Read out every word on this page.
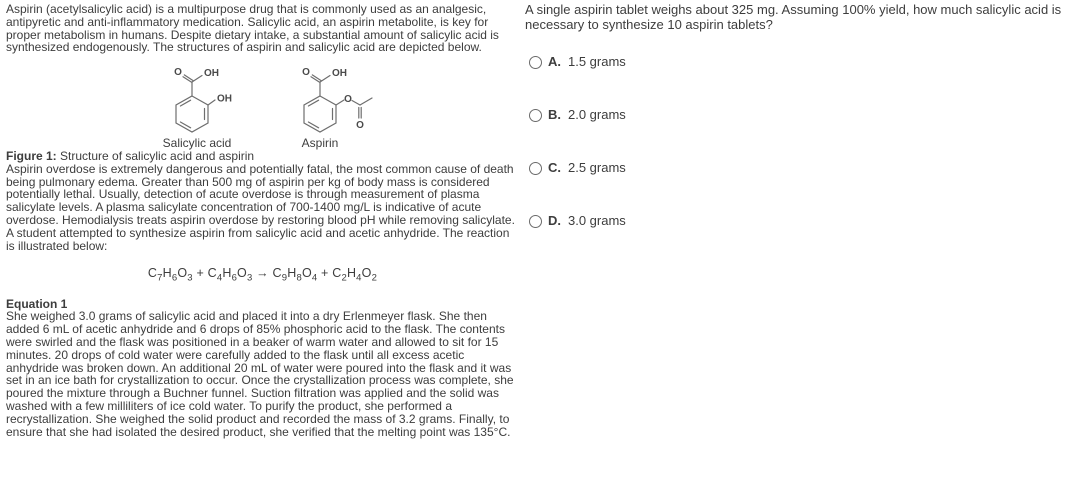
Aspirin (acetylsalicylic acid) is a multipurpose drug that is commonly used as an analgesic, antipyretic and anti-inflammatory medication. Salicylic acid, an aspirin metabolite, is key for proper metabolism in humans. Despite dietary intake, a substantial amount of salicylic acid is synthesized endogenously. The structures of aspirin and salicylic acid are depicted below.

O OH
OH
Salicylic acid
O OH
O
O
Aspirin

Figure 1: Structure of salicylic acid and aspirin

Aspirin overdose is extremely dangerous and potentially fatal, the most common cause of death being pulmonary edema. Greater than 500 mg of aspirin per kg of body mass is considered potentially lethal. Usually, detection of acute overdose is through measurement of plasma salicylate levels. A plasma salicylate concentration of 700-1400 mg/L is indicative of acute overdose. Hemodialysis treats aspirin overdose by restoring blood pH while removing salicylate.

A student attempted to synthesize aspirin from salicylic acid and acetic anhydride. The reaction is illustrated below:

$C_7H_6O_3 + C_4H_6O_3 \to C_9H_8O_4 + C_2H_4O_2$
Equation 1

She weighed 3.0 grams of salicylic acid and placed it into a dry Erlenmeyer flask. She then added 6 mL of acetic anhydride and 6 drops of 85% phosphoric acid to the flask. The contents were swirled and the flask was positioned in a beaker of warm water and allowed to sit for 15 minutes. 20 drops of cold water were carefully added to the flask until all excess acetic anhydride was broken down. An additional 20 mL of water were poured into the flask and it was set in an ice bath for crystallization to occur. Once the crystallization process was complete, she poured the mixture through a Buchner funnel. Suction filtration was applied and the solid was washed with a few milliliters of ice cold water. To purify the product, she performed a recrystallization. She weighed the solid product and recorded the mass of 3.2 grams. Finally, to ensure that she had isolated the desired product, she verified that the melting point was 135°C.

A single aspirin tablet weighs about 325 mg. Assuming 100% yield, how much salicylic acid is necessary to synthesize 10 aspirin tablets?

A. 1.5 grams
B. 2.0 grams
C. 2.5 grams
D. 3.0 grams
